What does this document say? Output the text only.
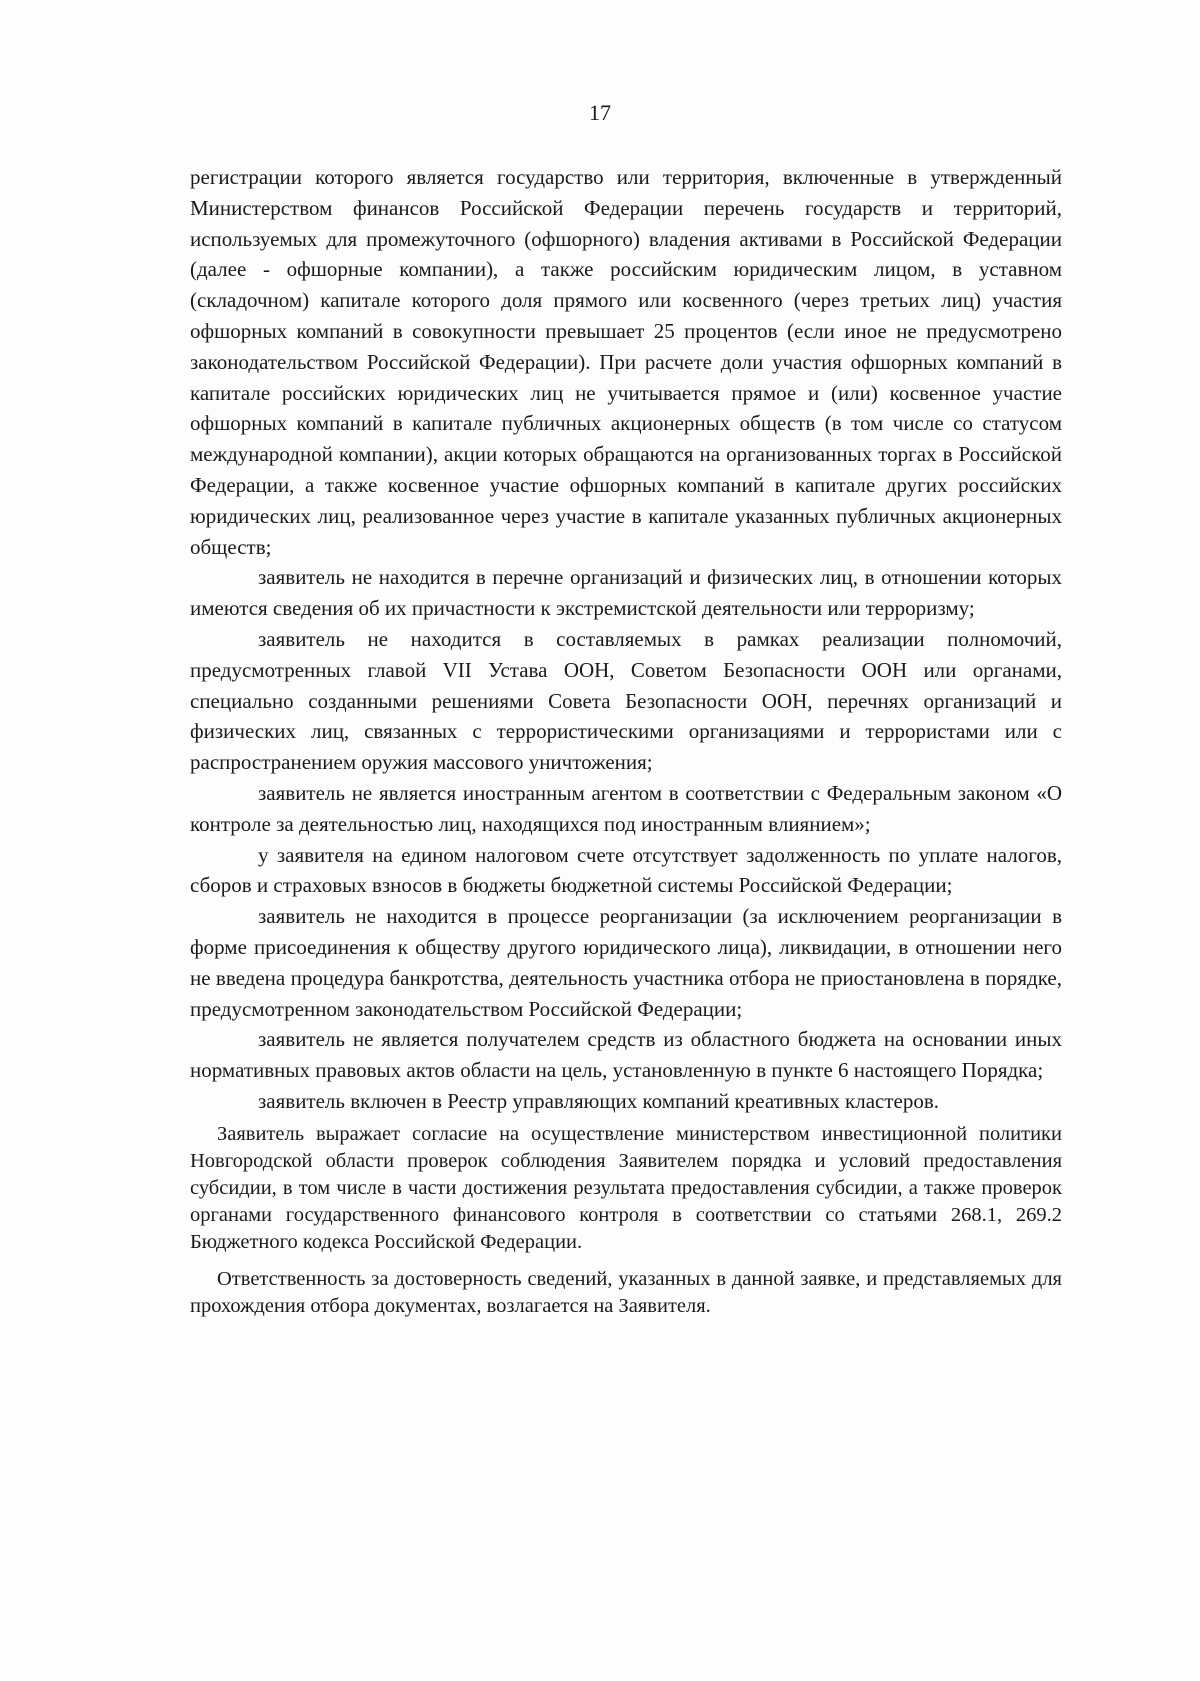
17

регистрации которого является государство или территория, включенные в утвержденный Министерством финансов Российской Федерации перечень государств и территорий, используемых для промежуточного (офшорного) владения активами в Российской Федерации (далее - офшорные компании), а также российским юридическим лицом, в уставном (складочном) капитале которого доля прямого или косвенного (через третьих лиц) участия офшорных компаний в совокупности превышает 25 процентов (если иное не предусмотрено законодательством Российской Федерации). При расчете доли участия офшорных компаний в капитале российских юридических лиц не учитывается прямое и (или) косвенное участие офшорных компаний в капитале публичных акционерных обществ (в том числе со статусом международной компании), акции которых обращаются на организованных торгах в Российской Федерации, а также косвенное участие офшорных компаний в капитале других российских юридических лиц, реализованное через участие в капитале указанных публичных акционерных обществ;

заявитель не находится в перечне организаций и физических лиц, в отношении которых имеются сведения об их причастности к экстремистской деятельности или терроризму;

заявитель не находится в составляемых в рамках реализации полномочий, предусмотренных главой VII Устава ООН, Советом Безопасности ООН или органами, специально созданными решениями Совета Безопасности ООН, перечнях организаций и физических лиц, связанных с террористическими организациями и террористами или с распространением оружия массового уничтожения;

заявитель не является иностранным агентом в соответствии с Федеральным законом «О контроле за деятельностью лиц, находящихся под иностранным влиянием»;

у заявителя на едином налоговом счете отсутствует задолженность по уплате налогов, сборов и страховых взносов в бюджеты бюджетной системы Российской Федерации;

заявитель не находится в процессе реорганизации (за исключением реорганизации в форме присоединения к обществу другого юридического лица), ликвидации, в отношении него не введена процедура банкротства, деятельность участника отбора не приостановлена в порядке, предусмотренном законодательством Российской Федерации;

заявитель не является получателем средств из областного бюджета на основании иных нормативных правовых актов области на цель, установленную в пункте 6 настоящего Порядка;

заявитель включен в Реестр управляющих компаний креативных кластеров.

Заявитель выражает согласие на осуществление министерством инвестиционной политики Новгородской области проверок соблюдения Заявителем порядка и условий предоставления субсидии, в том числе в части достижения результата предоставления субсидии, а также проверок органами государственного финансового контроля в соответствии со статьями 268.1, 269.2 Бюджетного кодекса Российской Федерации.

Ответственность за достоверность сведений, указанных в данной заявке, и представляемых для прохождения отбора документах, возлагается на Заявителя.
